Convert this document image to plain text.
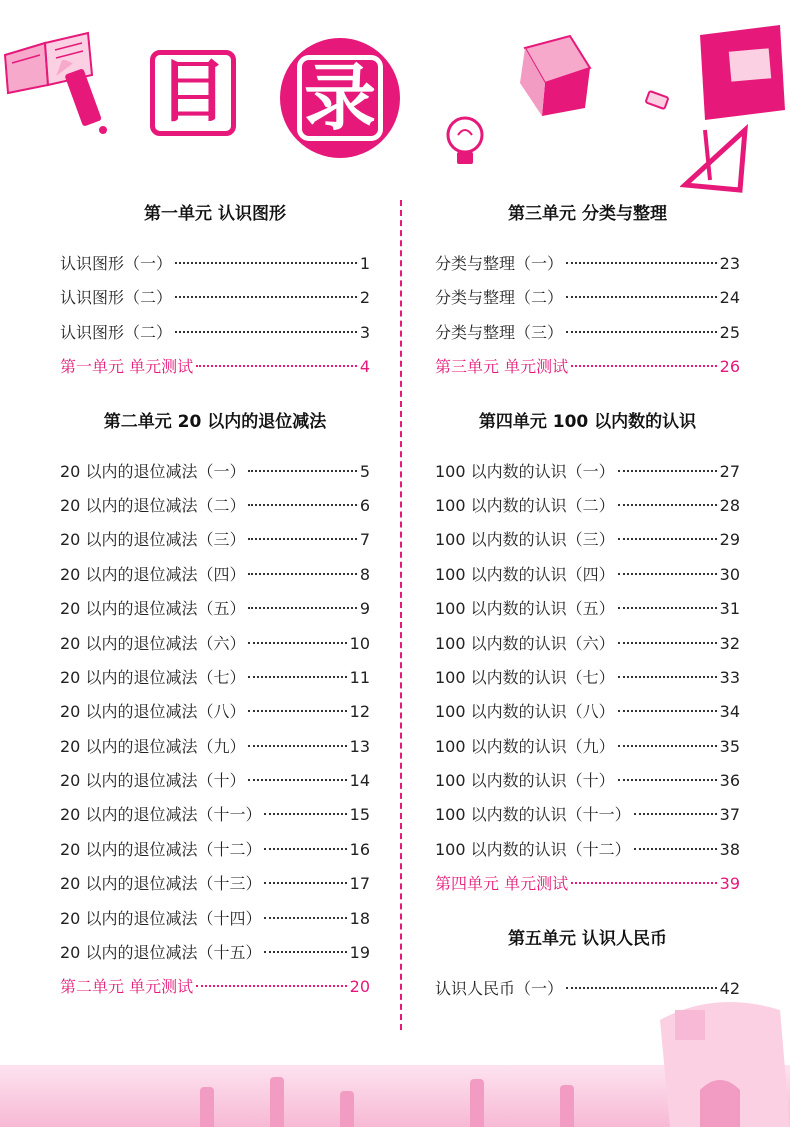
目 录
第一单元 认识图形
认识图形（一）	1
认识图形（二）	2
认识图形（二）	3
第一单元 单元测试	4
第二单元 20 以内的退位减法
20 以内的退位减法（一）	5
20 以内的退位减法（二）	6
20 以内的退位减法（三）	7
20 以内的退位减法（四）	8
20 以内的退位减法（五）	9
20 以内的退位减法（六）	10
20 以内的退位减法（七）	11
20 以内的退位减法（八）	12
20 以内的退位减法（九）	13
20 以内的退位减法（十）	14
20 以内的退位减法（十一）	15
20 以内的退位减法（十二）	16
20 以内的退位减法（十三）	17
20 以内的退位减法（十四）	18
20 以内的退位减法（十五）	19
第二单元 单元测试	20
第三单元 分类与整理
分类与整理（一）	23
分类与整理（二）	24
分类与整理（三）	25
第三单元 单元测试	26
第四单元 100 以内数的认识
100 以内数的认识（一）	27
100 以内数的认识（二）	28
100 以内数的认识（三）	29
100 以内数的认识（四）	30
100 以内数的认识（五）	31
100 以内数的认识（六）	32
100 以内数的认识（七）	33
100 以内数的认识（八）	34
100 以内数的认识（九）	35
100 以内数的认识（十）	36
100 以内数的认识（十一）	37
100 以内数的认识（十二）	38
第四单元 单元测试	39
第五单元 认识人民币
认识人民币（一）	42
